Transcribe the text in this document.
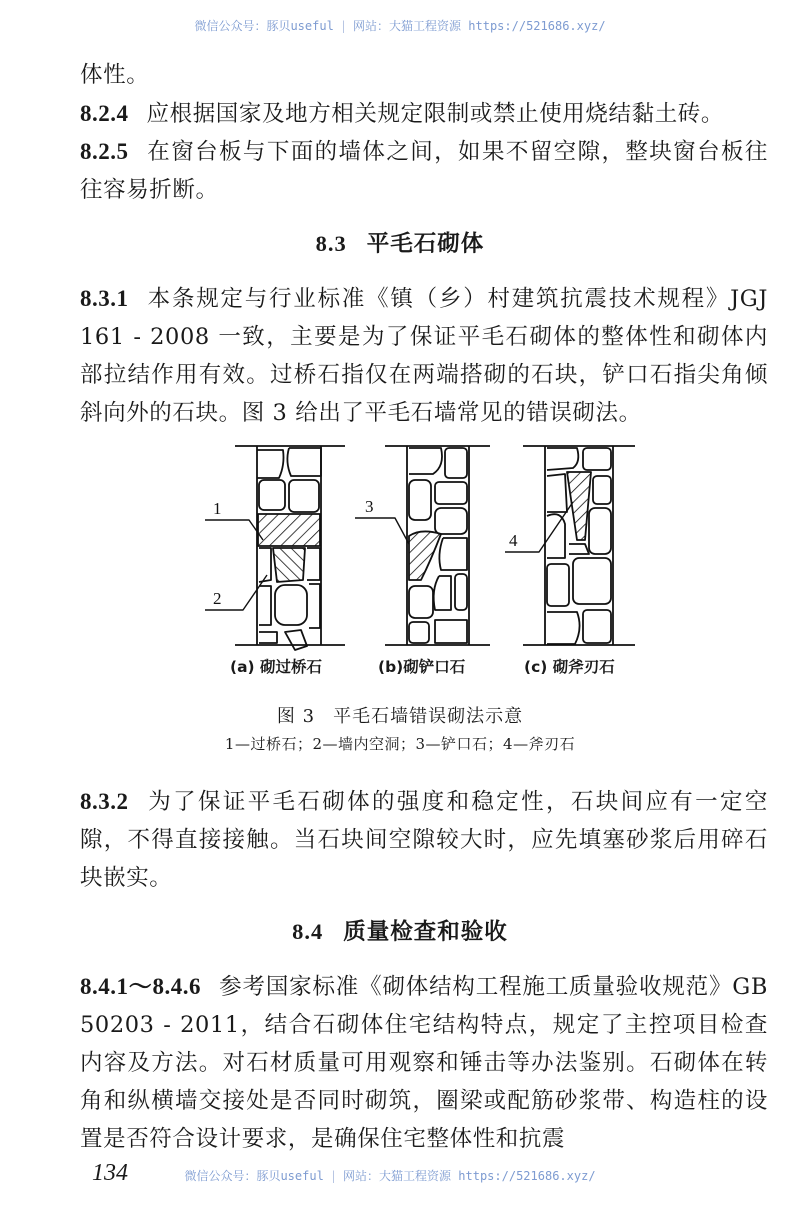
微信公众号：豚贝useful | 网站：大猫工程资源 https://521686.xyz/
体性。
8.2.4 应根据国家及地方相关规定限制或禁止使用烧结黏土砖。
8.2.5 在窗台板与下面的墙体之间，如果不留空隙，整块窗台板往往容易折断。
8.3 平毛石砌体
8.3.1 本条规定与行业标准《镇（乡）村建筑抗震技术规程》JGJ 161 - 2008 一致，主要是为了保证平毛石砌体的整体性和砌体内部拉结作用有效。过桥石指仅在两端搭砌的石块，铲口石指尖角倾斜向外的石块。图 3 给出了平毛石墙常见的错误砌法。
1
2
3
4
(a) 砌过桥石	(b)砌铲口石	(c) 砌斧刃石
图 3 平毛石墙错误砌法示意
1—过桥石；2—墙内空洞；3—铲口石；4—斧刃石
8.3.2 为了保证平毛石砌体的强度和稳定性，石块间应有一定空隙，不得直接接触。当石块间空隙较大时，应先填塞砂浆后用碎石块嵌实。
8.4 质量检查和验收
8.4.1～8.4.6 参考国家标准《砌体结构工程施工质量验收规范》GB 50203 - 2011，结合石砌体住宅结构特点，规定了主控项目检查内容及方法。对石材质量可用观察和锤击等办法鉴别。石砌体在转角和纵横墙交接处是否同时砌筑，圈梁或配筋砂浆带、构造柱的设置是否符合设计要求，是确保住宅整体性和抗震
134	微信公众号：豚贝useful | 网站：大猫工程资源 https://521686.xyz/
